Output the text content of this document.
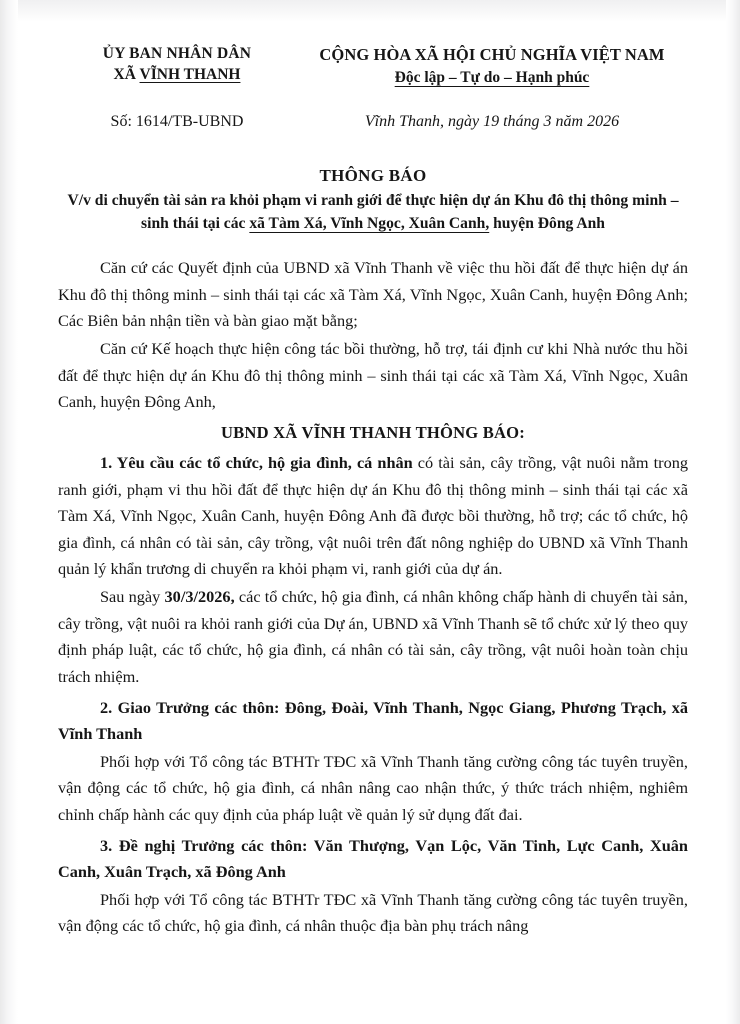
ỦY BAN NHÂN DÂN
XÃ VĨNH THANH
CỘNG HÒA XÃ HỘI CHỦ NGHĨA VIỆT NAM
Độc lập – Tự do – Hạnh phúc
Số: 1614/TB-UBND	Vĩnh Thanh, ngày 19 tháng 3 năm 2026
THÔNG BÁO
V/v di chuyển tài sản ra khỏi phạm vi ranh giới để thực hiện dự án Khu đô thị thông minh – sinh thái tại các xã Tàm Xá, Vĩnh Ngọc, Xuân Canh, huyện Đông Anh

Căn cứ các Quyết định của UBND xã Vĩnh Thanh về việc thu hồi đất để thực hiện dự án Khu đô thị thông minh – sinh thái tại các xã Tàm Xá, Vĩnh Ngọc, Xuân Canh, huyện Đông Anh; Các Biên bản nhận tiền và bàn giao mặt bằng;

Căn cứ Kế hoạch thực hiện công tác bồi thường, hỗ trợ, tái định cư khi Nhà nước thu hồi đất để thực hiện dự án Khu đô thị thông minh – sinh thái tại các xã Tàm Xá, Vĩnh Ngọc, Xuân Canh, huyện Đông Anh,

UBND XÃ VĨNH THANH THÔNG BÁO:

1. Yêu cầu các tổ chức, hộ gia đình, cá nhân có tài sản, cây trồng, vật nuôi nằm trong ranh giới, phạm vi thu hồi đất để thực hiện dự án Khu đô thị thông minh – sinh thái tại các xã Tàm Xá, Vĩnh Ngọc, Xuân Canh, huyện Đông Anh đã được bồi thường, hỗ trợ; các tổ chức, hộ gia đình, cá nhân có tài sản, cây trồng, vật nuôi trên đất nông nghiệp do UBND xã Vĩnh Thanh quản lý khẩn trương di chuyển ra khỏi phạm vi, ranh giới của dự án.

Sau ngày 30/3/2026, các tổ chức, hộ gia đình, cá nhân không chấp hành di chuyển tài sản, cây trồng, vật nuôi ra khỏi ranh giới của Dự án, UBND xã Vĩnh Thanh sẽ tổ chức xử lý theo quy định pháp luật, các tổ chức, hộ gia đình, cá nhân có tài sản, cây trồng, vật nuôi hoàn toàn chịu trách nhiệm.

2. Giao Trưởng các thôn: Đông, Đoài, Vĩnh Thanh, Ngọc Giang, Phương Trạch, xã Vĩnh Thanh

Phối hợp với Tổ công tác BTHTr TĐC xã Vĩnh Thanh tăng cường công tác tuyên truyền, vận động các tổ chức, hộ gia đình, cá nhân nâng cao nhận thức, ý thức trách nhiệm, nghiêm chỉnh chấp hành các quy định của pháp luật về quản lý sử dụng đất đai.

3. Đề nghị Trưởng các thôn: Văn Thượng, Vạn Lộc, Văn Tinh, Lực Canh, Xuân Canh, Xuân Trạch, xã Đông Anh

Phối hợp với Tổ công tác BTHTr TĐC xã Vĩnh Thanh tăng cường công tác tuyên truyền, vận động các tổ chức, hộ gia đình, cá nhân thuộc địa bàn phụ trách nâng
